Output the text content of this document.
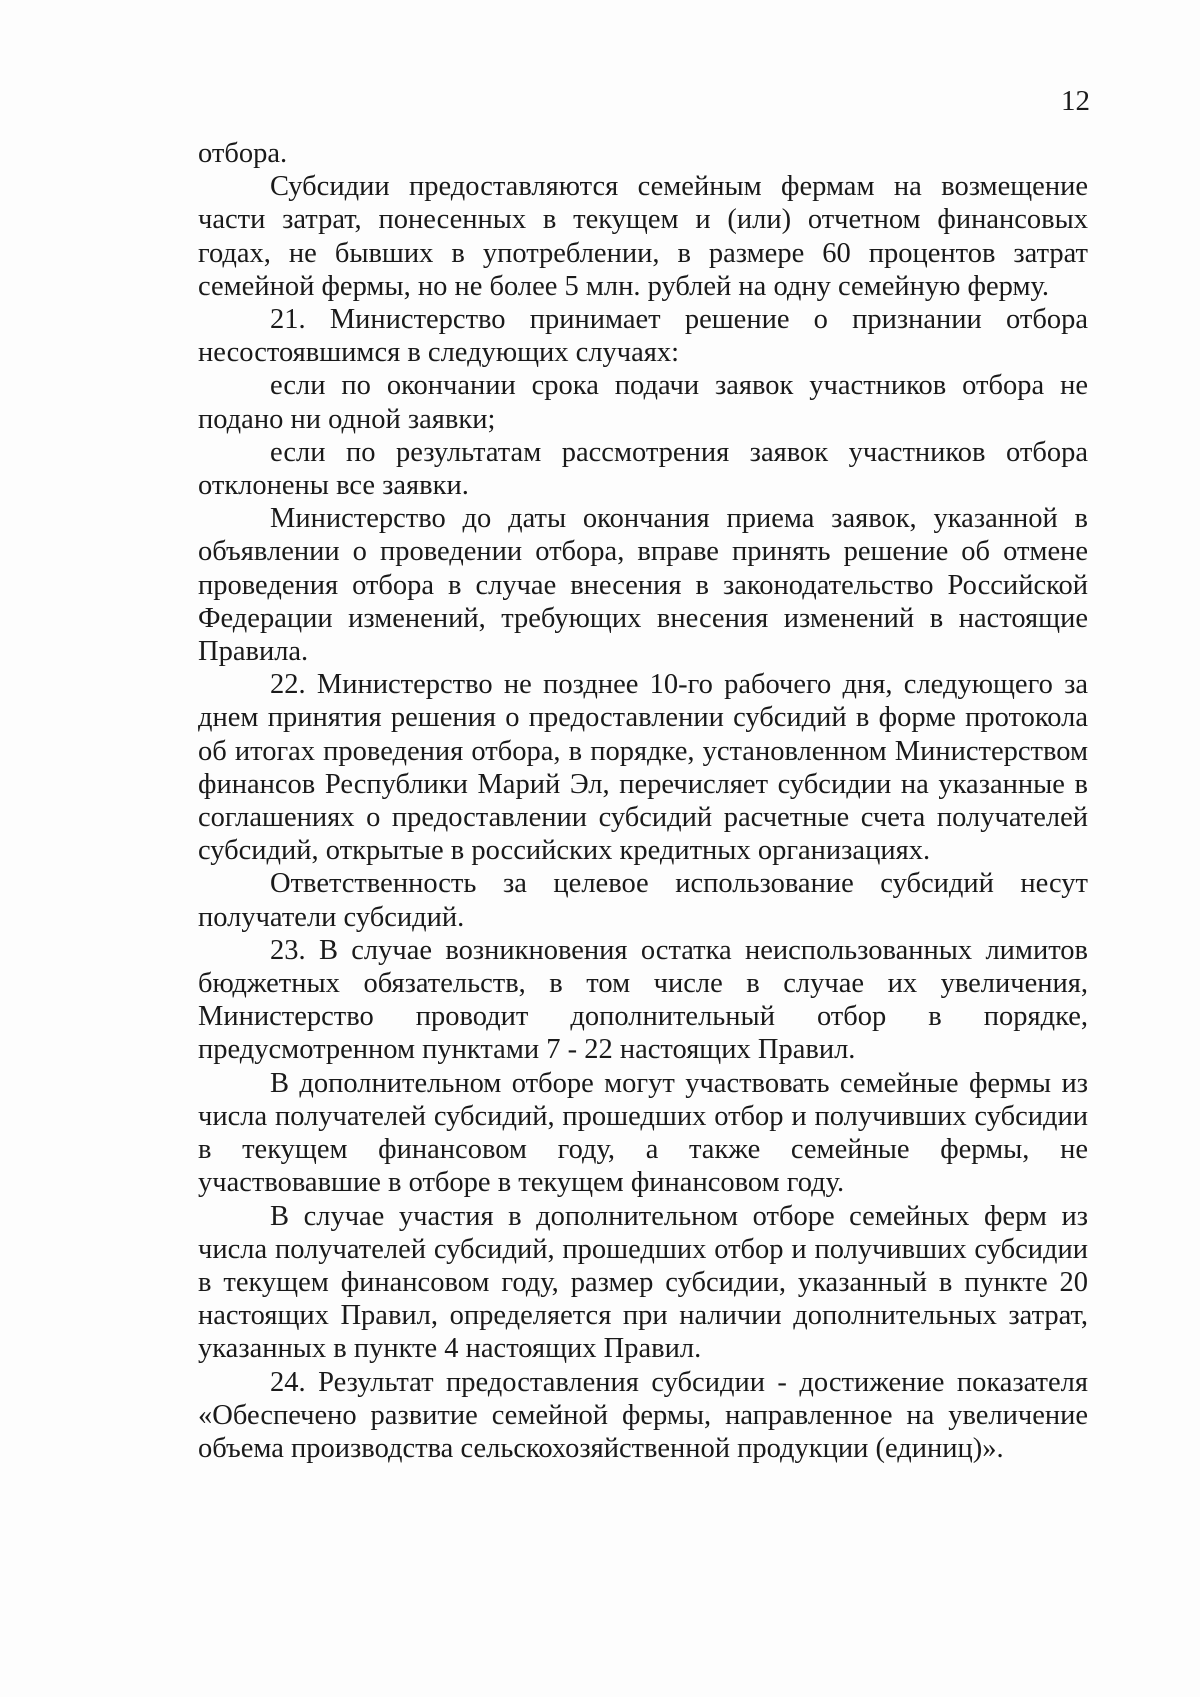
12

отбора.

Субсидии предоставляются семейным фермам на возмещение части затрат, понесенных в текущем и (или) отчетном финансовых годах, не бывших в употреблении, в размере 60 процентов затрат семейной фермы, но не более 5 млн. рублей на одну семейную ферму.

21. Министерство принимает решение о признании отбора несостоявшимся в следующих случаях:

если по окончании срока подачи заявок участников отбора не подано ни одной заявки;

если по результатам рассмотрения заявок участников отбора отклонены все заявки.

Министерство до даты окончания приема заявок, указанной в объявлении о проведении отбора, вправе принять решение об отмене проведения отбора в случае внесения в законодательство Российской Федерации изменений, требующих внесения изменений в настоящие Правила.

22. Министерство не позднее 10-го рабочего дня, следующего за днем принятия решения о предоставлении субсидий в форме протокола об итогах проведения отбора, в порядке, установленном Министерством финансов Республики Марий Эл, перечисляет субсидии на указанные в соглашениях о предоставлении субсидий расчетные счета получателей субсидий, открытые в российских кредитных организациях.

Ответственность за целевое использование субсидий несут получатели субсидий.

23. В случае возникновения остатка неиспользованных лимитов бюджетных обязательств, в том числе в случае их увеличения, Министерство проводит дополнительный отбор в порядке, предусмотренном пунктами 7 - 22 настоящих Правил.

В дополнительном отборе могут участвовать семейные фермы из числа получателей субсидий, прошедших отбор и получивших субсидии в текущем финансовом году, а также семейные фермы, не участвовавшие в отборе в текущем финансовом году.

В случае участия в дополнительном отборе семейных ферм из числа получателей субсидий, прошедших отбор и получивших субсидии в текущем финансовом году, размер субсидии, указанный в пункте 20 настоящих Правил, определяется при наличии дополнительных затрат, указанных в пункте 4 настоящих Правил.

24. Результат предоставления субсидии - достижение показателя «Обеспечено развитие семейной фермы, направленное на увеличение объема производства сельскохозяйственной продукции (единиц)».
